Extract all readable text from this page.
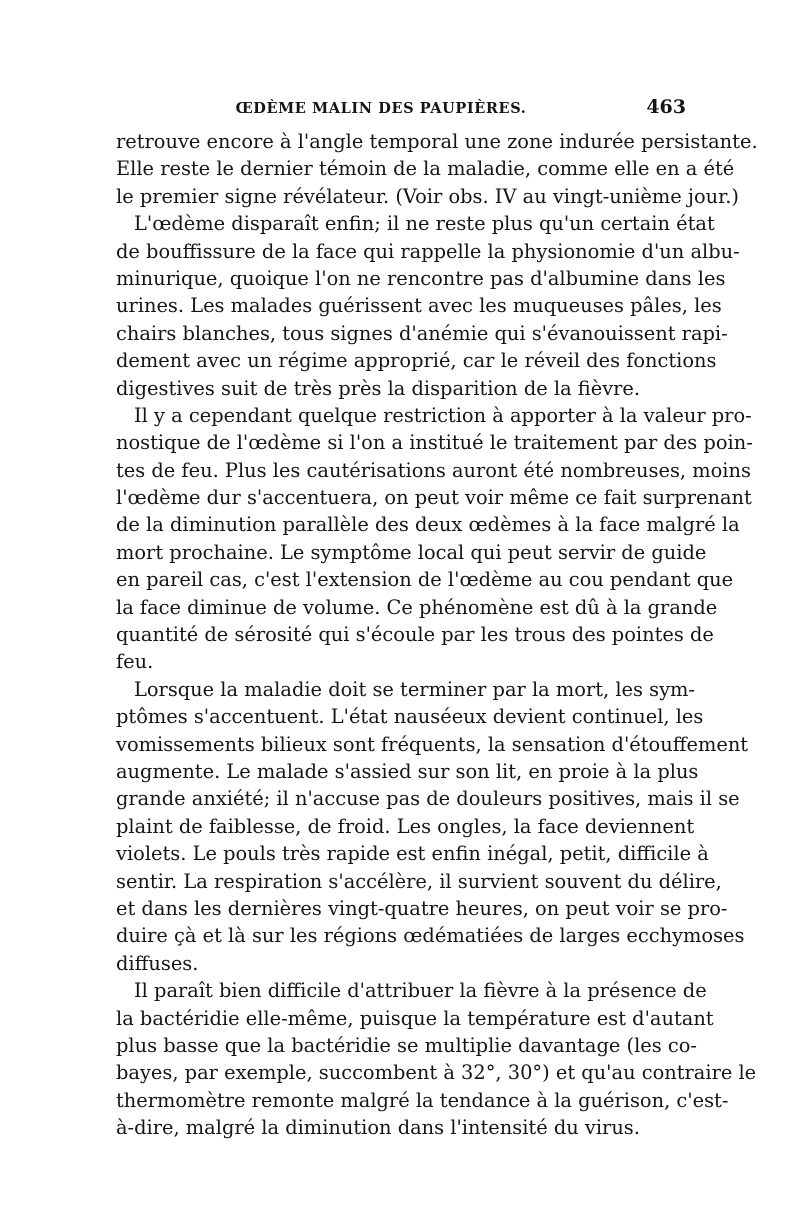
ŒDÈME MALIN DES PAUPIÈRES.	463
retrouve encore à l'angle temporal une zone indurée persistante.
Elle reste le dernier témoin de la maladie, comme elle en a été
le premier signe révélateur. (Voir obs. IV au vingt-unième jour.)
L'œdème disparaît enfin; il ne reste plus qu'un certain état
de bouffissure de la face qui rappelle la physionomie d'un albu-
minurique, quoique l'on ne rencontre pas d'albumine dans les
urines. Les malades guérissent avec les muqueuses pâles, les
chairs blanches, tous signes d'anémie qui s'évanouissent rapi-
dement avec un régime approprié, car le réveil des fonctions
digestives suit de très près la disparition de la fièvre.
Il y a cependant quelque restriction à apporter à la valeur pro-
nostique de l'œdème si l'on a institué le traitement par des poin-
tes de feu. Plus les cautérisations auront été nombreuses, moins
l'œdème dur s'accentuera, on peut voir même ce fait surprenant
de la diminution parallèle des deux œdèmes à la face malgré la
mort prochaine. Le symptôme local qui peut servir de guide
en pareil cas, c'est l'extension de l'œdème au cou pendant que
la face diminue de volume. Ce phénomène est dû à la grande
quantité de sérosité qui s'écoule par les trous des pointes de
feu.
Lorsque la maladie doit se terminer par la mort, les sym-
ptômes s'accentuent. L'état nauséeux devient continuel, les
vomissements bilieux sont fréquents, la sensation d'étouffement
augmente. Le malade s'assied sur son lit, en proie à la plus
grande anxiété; il n'accuse pas de douleurs positives, mais il se
plaint de faiblesse, de froid. Les ongles, la face deviennent
violets. Le pouls très rapide est enfin inégal, petit, difficile à
sentir. La respiration s'accélère, il survient souvent du délire,
et dans les dernières vingt-quatre heures, on peut voir se pro-
duire çà et là sur les régions œdématiées de larges ecchymoses
diffuses.
Il paraît bien difficile d'attribuer la fièvre à la présence de
la bactéridie elle-même, puisque la température est d'autant
plus basse que la bactéridie se multiplie davantage (les co-
bayes, par exemple, succombent à 32°, 30°) et qu'au contraire le
thermomètre remonte malgré la tendance à la guérison, c'est-
à-dire, malgré la diminution dans l'intensité du virus.
